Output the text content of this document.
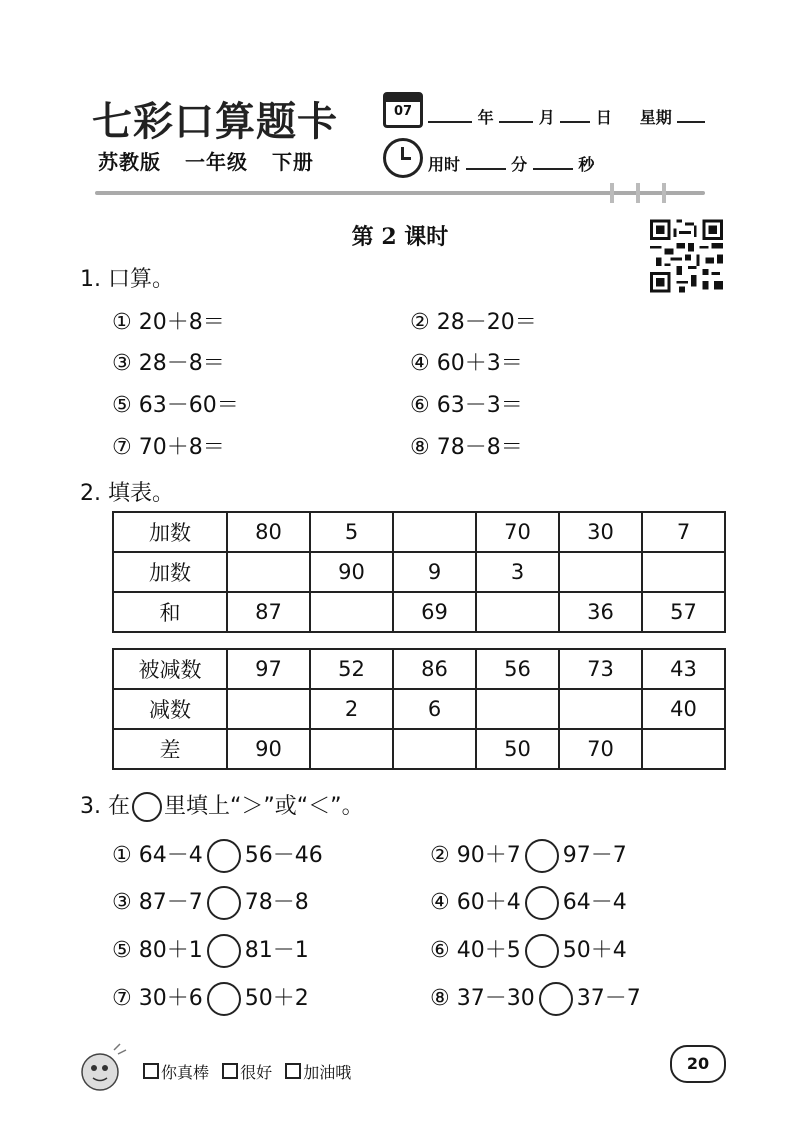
七彩口算题卡
苏教版 一年级 下册
07	年	月	日 星期
用时	分	秒
第 2 课时
1. 口算。
① 20＋8＝	② 28－20＝
③ 28－8＝	④ 60＋3＝
⑤ 63－60＝	⑥ 63－3＝
⑦ 70＋8＝	⑧ 78－8＝
2. 填表。
加数	80	5		70	30	7
加数		90	9	3		
和	87		69		36	57
被减数	97	52	86	56	73	43
减数		2	6			40
差	90			50	70	
3. 在 里填上“＞”或“＜”。
① 64－4 56－46	② 90＋7 97－7
③ 87－7 78－8	④ 60＋4 64－4
⑤ 80＋1 81－1	⑥ 40＋5 50＋4
⑦ 30＋6 50＋2	⑧ 37－30 37－7
你真棒 很好 加油哦	20
